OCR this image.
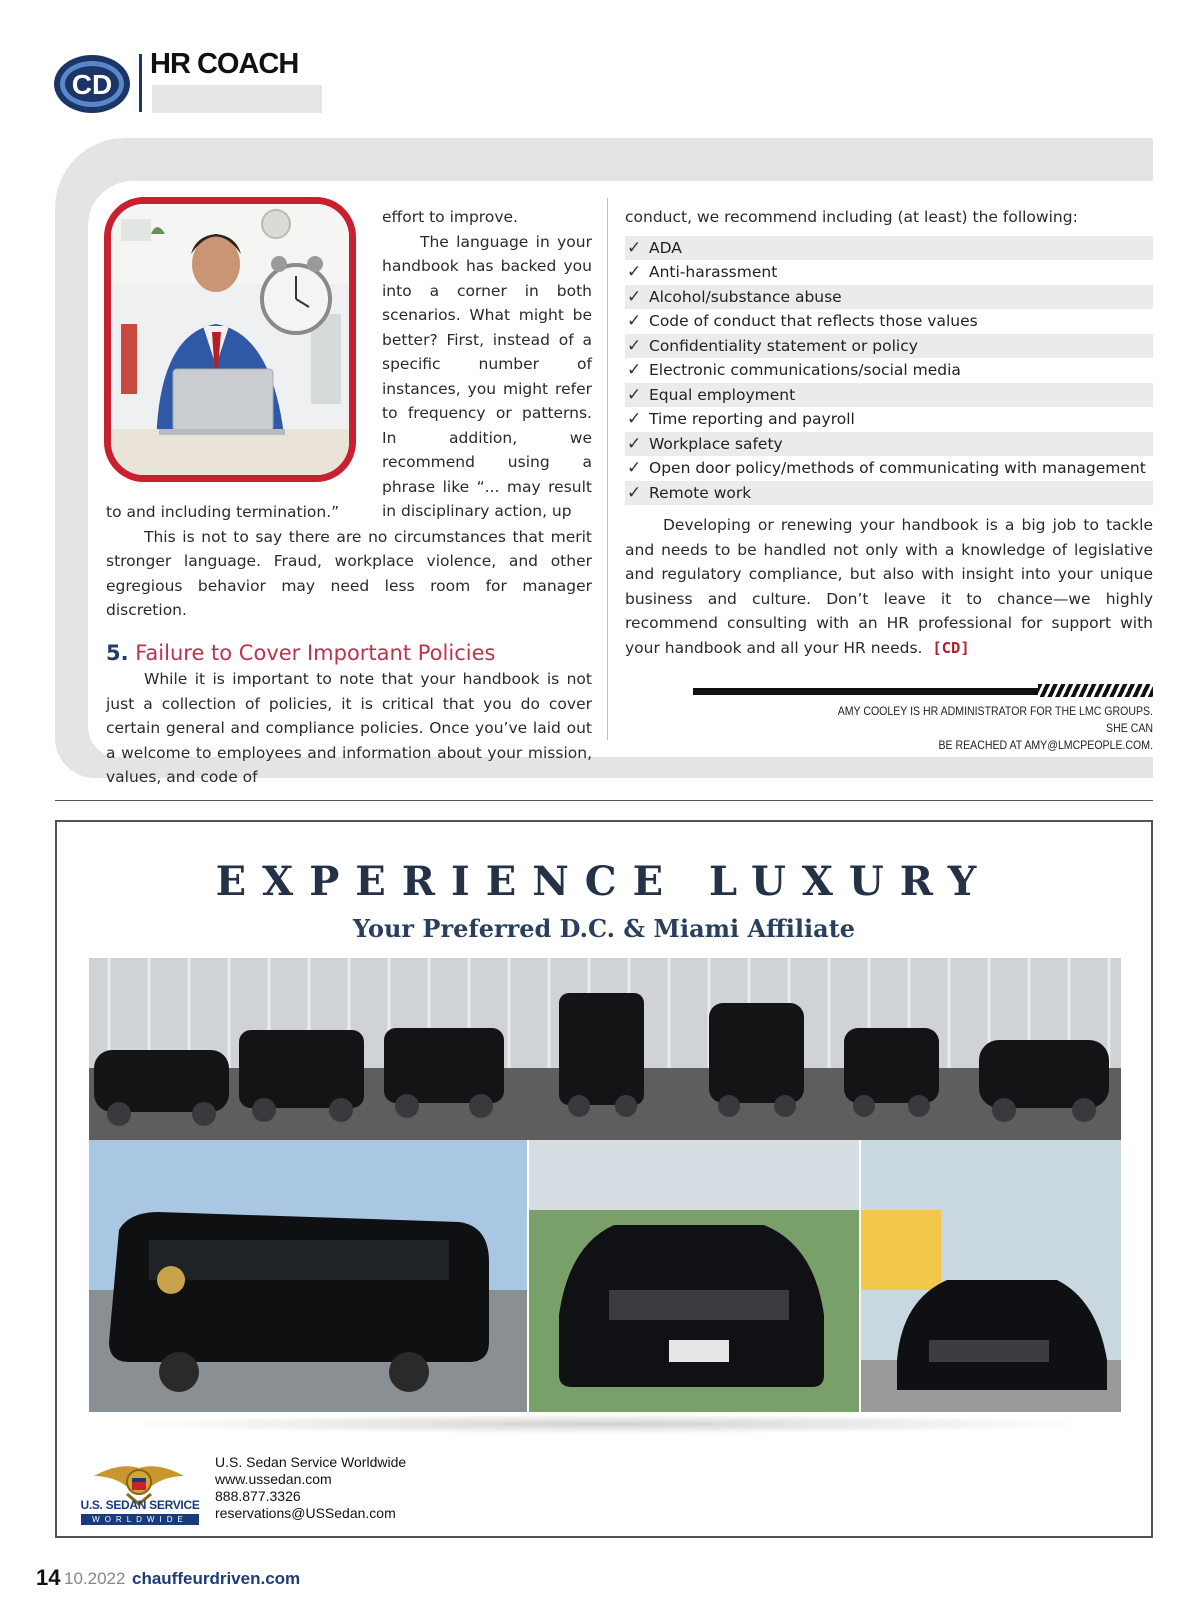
CD
HR COACH
effort to improve.
The language in your handbook has backed you into a corner in both scenarios. What might be better? First, instead of a specific number of instances, you might refer to frequency or patterns. In addition, we recommend using a phrase like “... may result in disciplinary action, up

to and including termination.”

This is not to say there are no circumstances that merit stronger language. Fraud, workplace violence, and other egregious behavior may need less room for manager discretion.

5. Failure to Cover Important Policies

While it is important to note that your handbook is not just a collection of policies, it is critical that you do cover certain general and compliance policies. Once you’ve laid out a welcome to employees and information about your mission, values, and code of

conduct, we recommend including (at least) the following:
✓ ADA
✓ Anti-harassment
✓ Alcohol/substance abuse
✓ Code of conduct that reflects those values
✓ Confidentiality statement or policy
✓ Electronic communications/social media
✓ Equal employment
✓ Time reporting and payroll
✓ Workplace safety
✓ Open door policy/methods of communicating with management
✓ Remote work

Developing or renewing your handbook is a big job to tackle and needs to be handled not only with a knowledge of legislative and regulatory compliance, but also with insight into your unique business and culture. Don’t leave it to chance—we highly recommend consulting with an HR professional for support with your handbook and all your HR needs. [CD]

AMY COOLEY IS HR ADMINISTRATOR FOR THE LMC GROUPS. SHE CAN
BE REACHED AT AMY@LMCPEOPLE.COM.
EXPERIENCE LUXURY
Your Preferred D.C. & Miami Affiliate
U.S. SEDAN SERVICE
WORLDWIDE
U.S. Sedan Service Worldwide
www.ussedan.com
888.877.3326
reservations@USSedan.com
14 10.2022 chauffeurdriven.com
